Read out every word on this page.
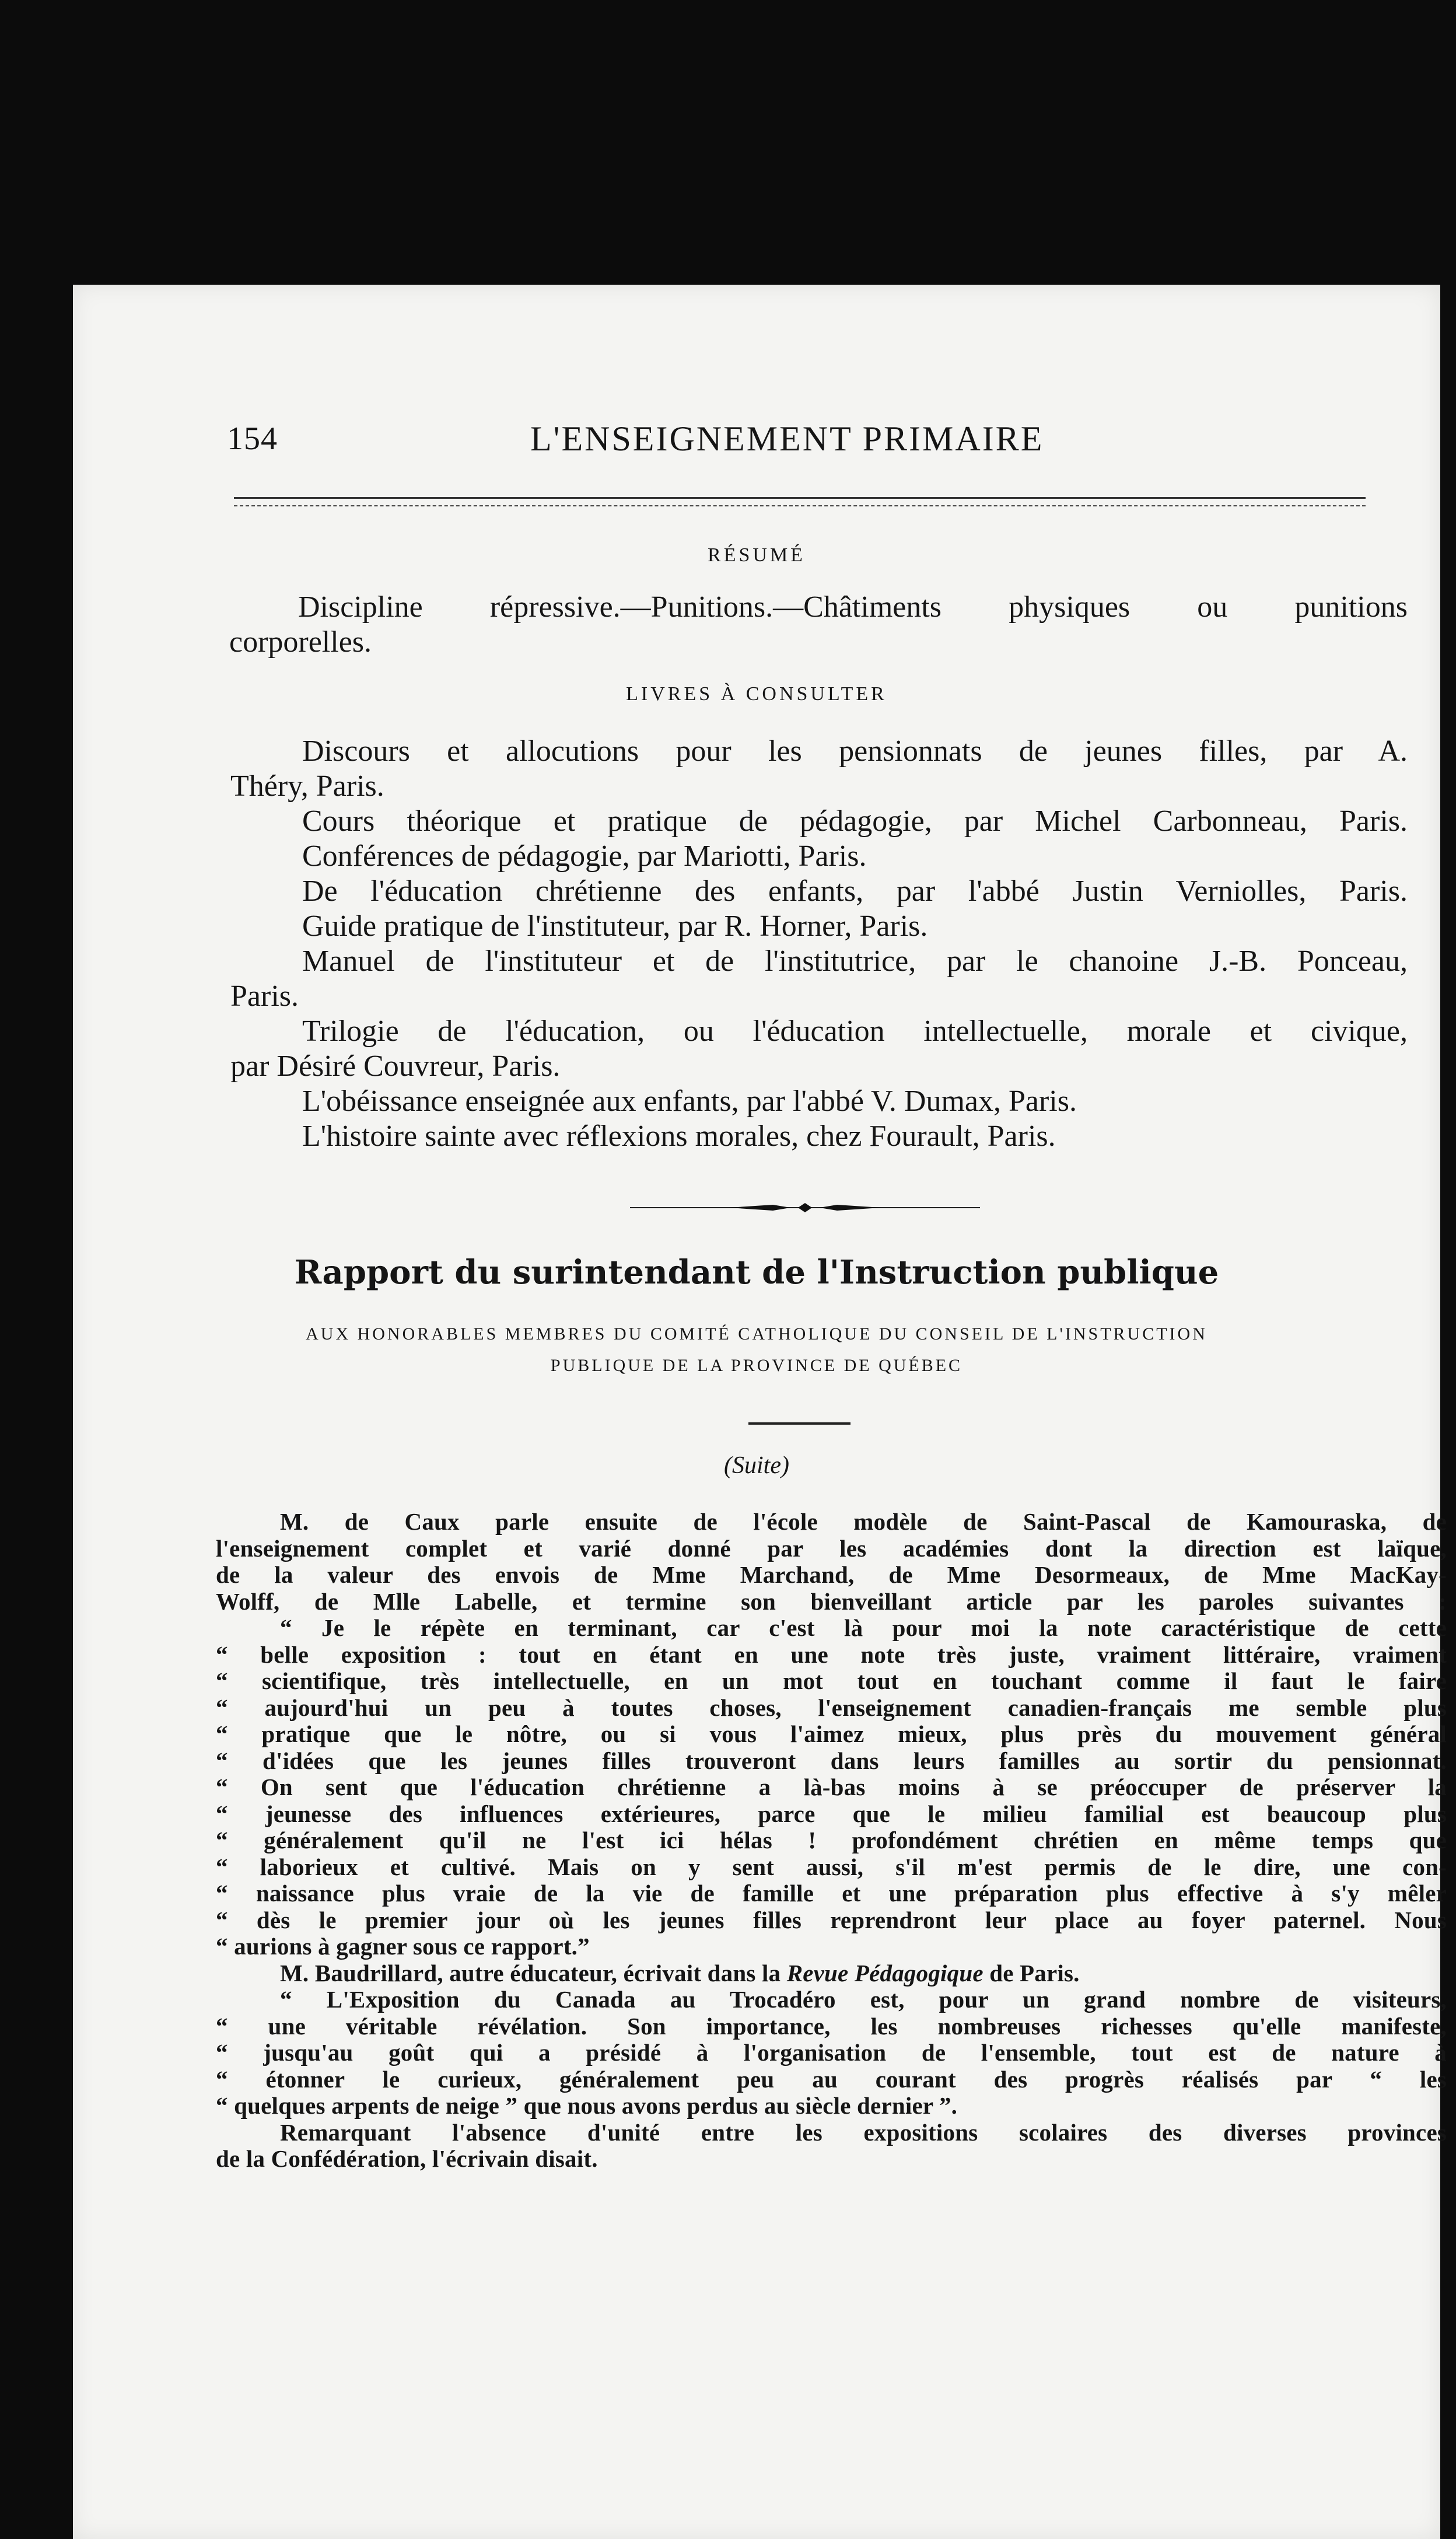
154	L'ENSEIGNEMENT PRIMAIRE
RÉSUMÉ
Discipline répressive.—Punitions.—Châtiments physiques ou punitions
corporelles.
LIVRES À CONSULTER
Discours et allocutions pour les pensionnats de jeunes filles, par A.
Théry, Paris.
Cours théorique et pratique de pédagogie, par Michel Carbonneau, Paris.
Conférences de pédagogie, par Mariotti, Paris.
De l'éducation chrétienne des enfants, par l'abbé Justin Verniolles, Paris.
Guide pratique de l'instituteur, par R. Horner, Paris.
Manuel de l'instituteur et de l'institutrice, par le chanoine J.-B. Ponceau,
Paris.
Trilogie de l'éducation, ou l'éducation intellectuelle, morale et civique,
par Désiré Couvreur, Paris.
L'obéissance enseignée aux enfants, par l'abbé V. Dumax, Paris.
L'histoire sainte avec réflexions morales, chez Fourault, Paris.
Rapport du surintendant de l'Instruction publique
AUX HONORABLES MEMBRES DU COMITÉ CATHOLIQUE DU CONSEIL DE L'INSTRUCTION
PUBLIQUE DE LA PROVINCE DE QUÉBEC
(Suite)
M. de Caux parle ensuite de l'école modèle de Saint-Pascal de Kamouraska, de
l'enseignement complet et varié donné par les académies dont la direction est laïque,
de la valeur des envois de Mme Marchand, de Mme Desormeaux, de Mme MacKay-
Wolff, de Mlle Labelle, et termine son bienveillant article par les paroles suivantes :
“ Je le répète en terminant, car c'est là pour moi la note caractéristique de cette
“ belle exposition : tout en étant en une note très juste, vraiment littéraire, vraiment
“ scientifique, très intellectuelle, en un mot tout en touchant comme il faut le faire
“ aujourd'hui un peu à toutes choses, l'enseignement canadien-français me semble plus
“ pratique que le nôtre, ou si vous l'aimez mieux, plus près du mouvement général
“ d'idées que les jeunes filles trouveront dans leurs familles au sortir du pensionnat.
“ On sent que l'éducation chrétienne a là-bas moins à se préoccuper de préserver la
“ jeunesse des influences extérieures, parce que le milieu familial est beaucoup plus
“ généralement qu'il ne l'est ici hélas ! profondément chrétien en même temps que
“ laborieux et cultivé. Mais on y sent aussi, s'il m'est permis de le dire, une con-
“ naissance plus vraie de la vie de famille et une préparation plus effective à s'y mêler
“ dès le premier jour où les jeunes filles reprendront leur place au foyer paternel. Nous
“ aurions à gagner sous ce rapport.”
M. Baudrillard, autre éducateur, écrivait dans la Revue Pédagogique de Paris.
“ L'Exposition du Canada au Trocadéro est, pour un grand nombre de visiteurs,
“ une véritable révélation. Son importance, les nombreuses richesses qu'elle manifeste,
“ jusqu'au goût qui a présidé à l'organisation de l'ensemble, tout est de nature à
“ étonner le curieux, généralement peu au courant des progrès réalisés par “ les
“ quelques arpents de neige ” que nous avons perdus au siècle dernier ”.
Remarquant l'absence d'unité entre les expositions scolaires des diverses provinces
de la Confédération, l'écrivain disait.
